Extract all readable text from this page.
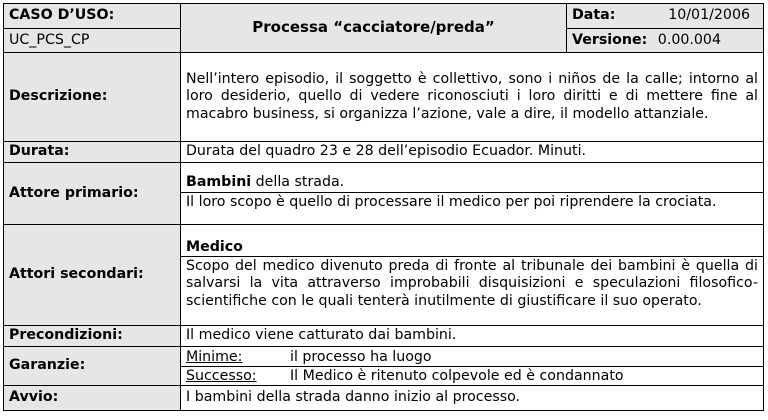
CASO D’USO:	Processa “cacciatore/preda”	Data: 10/01/2006

UC_PCS_CP		Versione: 0.00.004
Descrizione:	Nell’intero episodio, il soggetto è collettivo, sono i niños de la calle; intorno al loro desiderio, quello di vedere riconosciuti i loro diritti e di mettere fine al macabro business, si organizza l’azione, vale a dire, il modello attanziale.	
Durata:	Durata del quadro 23 e 28 dell’episodio Ecuador. Minuti.	
Attore primario:	Bambini della strada.
Il loro scopo è quello di processare il medico per poi riprendere la crociata.	

Attori secondari:	Medico
Scopo del medico divenuto preda di fronte al tribunale dei bambini è quella di salvarsi la vita attraverso improbabili disquisizioni e speculazioni filosofico-scientifiche con le quali tenterà inutilmente di giustificare il suo operato.	

Precondizioni:	Il medico viene catturato dai bambini.	
Garanzie:	Minime: il processo ha luogo
Successo: Il Medico è ritenuto colpevole ed è condannato	

Avvio:	I bambini della strada danno inizio al processo.	
